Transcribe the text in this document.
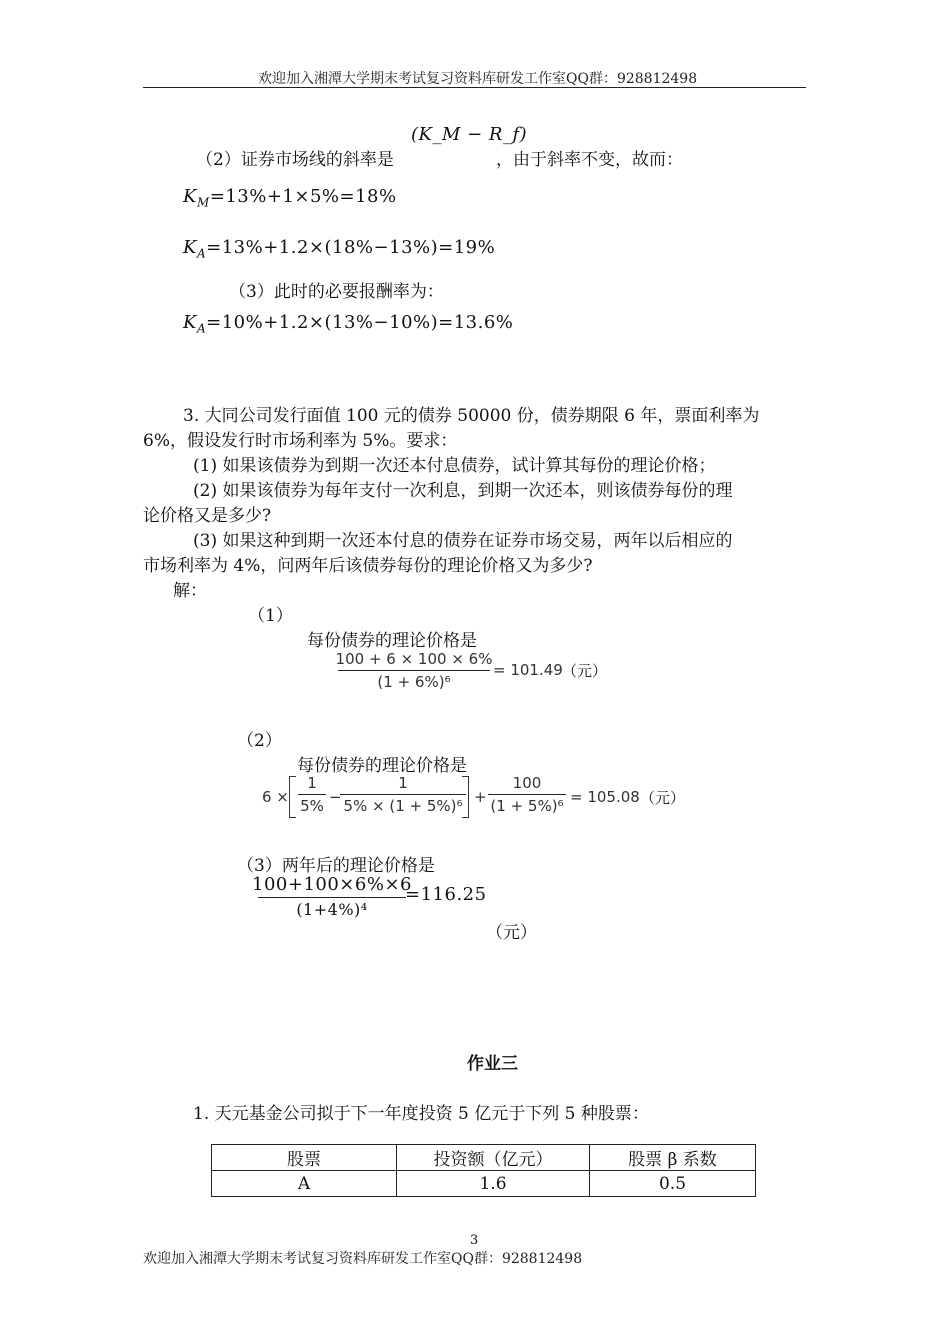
欢迎加入湘潭大学期末考试复习资料库研发工作室QQ群：928812498
（2）证券市场线的斜率是
(K_M − R_f)
，由于斜率不变，故而：
$K_M=13\%+1\times 5\%=18\%$
$K_A=13\%+1.2\times(18\%-13\%)=19\%$
（3）此时的必要报酬率为：
$K_A=10\%+1.2\times(13\%-10\%)=13.6\%$
3. 大同公司发行面值 100 元的债券 50000 份，债券期限 6 年，票面利率为
6%，假设发行时市场利率为 5%。要求：
(1) 如果该债券为到期一次还本付息债券，试计算其每份的理论价格；
(2) 如果该债券为每年支付一次利息，到期一次还本，则该债券每份的理
论价格又是多少?
(3) 如果这种到期一次还本付息的债券在证券市场交易，两年以后相应的
市场利率为 4%，问两年后该债券每份的理论价格又为多少?
解：
（1）
每份债券的理论价格是
100 + 6 × 100 × 6%
(1 + 6%)⁶
= 101.49 （元）
（2）
每份债券的理论价格是
6 ×
1
5% −
1
5% × (1 + 5%)⁶ +
100
(1 + 5%)⁶ = 105.08 （元）
（3）两年后的理论价格是
100+100×6%×6
(1+4%)⁴
=116.25
（元）
作业三
1. 天元基金公司拟于下一年度投资 5 亿元于下列 5 种股票：
股票	投资额（亿元）	股票 β 系数
A	1.6	0.5
3
欢迎加入湘潭大学期末考试复习资料库研发工作室QQ群：928812498
